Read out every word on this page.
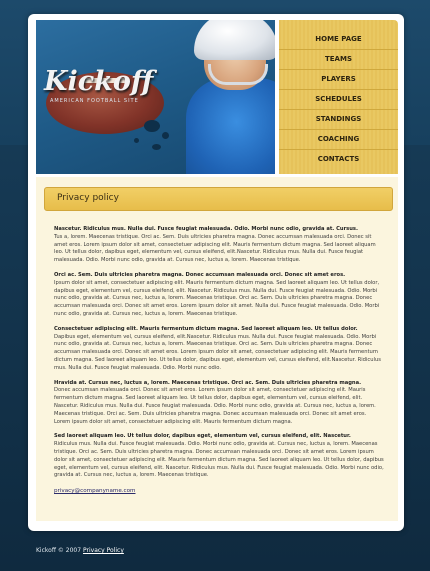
Kickoff
AMERICAN FOOTBALL SITE
HOME PAGE
TEAMS
PLAYERS
SCHEDULES
STANDINGS
COACHING
CONTACTS
Privacy policy

Nascetur. Ridiculus mus. Nulla dui. Fusce feugiat malesuada. Odio. Morbi nunc odio, gravida at. Cursus.
Tus a, lorem. Maecenas tristique. Orci ac. Sem. Duis ultricies pharetra magna. Donec accumsan malesuada orci. Donec sit amet eros. Lorem ipsum dolor sit amet, consectetuer adipiscing elit. Mauris fermentum dictum magna. Sed laoreet aliquam leo. Ut tellus dolor, dapibus eget, elementum vel, cursus eleifend, elit.Nascetur. Ridiculus mus. Nulla dui. Fusce feugiat malesuada. Odio. Morbi nunc odio, gravida at. Cursus nec, luctus a, lorem. Maecenas tristique.

Orci ac. Sem. Duis ultricies pharetra magna. Donec accumsan malesuada orci. Donec sit amet eros.
Ipsum dolor sit amet, consectetuer adipiscing elit. Mauris fermentum dictum magna. Sed laoreet aliquam leo. Ut tellus dolor, dapibus eget, elementum vel, cursus eleifend, elit. Nascetur. Ridiculus mus. Nulla dui. Fusce feugiat malesuada. Odio. Morbi nunc odio, gravida at. Cursus nec, luctus a, lorem. Maecenas tristique. Orci ac. Sem. Duis ultricies pharetra magna. Donec accumsan malesuada orci. Donec sit amet eros. Lorem ipsum dolor sit amet. Nulla dui. Fusce feugiat malesuada. Odio. Morbi nunc odio, gravida at. Cursus nec, luctus a, lorem. Maecenas tristique.

Consectetuer adipiscing elit. Mauris fermentum dictum magna. Sed laoreet aliquam leo. Ut tellus dolor.
Dapibus eget, elementum vel, cursus eleifend, elit.Nascetur. Ridiculus mus. Nulla dui. Fusce feugiat malesuada. Odio. Morbi nunc odio, gravida at. Cursus nec, luctus a, lorem. Maecenas tristique. Orci ac. Sem. Duis ultricies pharetra magna. Donec accumsan malesuada orci. Donec sit amet eros. Lorem ipsum dolor sit amet, consectetuer adipiscing elit. Mauris fermentum dictum magna. Sed laoreet aliquam leo. Ut tellus dolor, dapibus eget, elementum vel, cursus eleifend, elit.Nascetur. Ridiculus mus. Nulla dui. Fusce feugiat malesuada. Odio. Morbi nunc odio.

Hravida at. Cursus nec, luctus a, lorem. Maecenas tristique. Orci ac. Sem. Duis ultricies pharetra magna.
Donec accumsan malesuada orci. Donec sit amet eros. Lorem ipsum dolor sit amet, consectetuer adipiscing elit. Mauris fermentum dictum magna. Sed laoreet aliquam leo. Ut tellus dolor, dapibus eget, elementum vel, cursus eleifend, elit. Nascetur. Ridiculus mus. Nulla dui. Fusce feugiat malesuada. Odio. Morbi nunc odio, gravida at. Cursus nec, luctus a, lorem. Maecenas tristique. Orci ac. Sem. Duis ultricies pharetra magna. Donec accumsan malesuada orci. Donec sit amet eros. Lorem ipsum dolor sit amet, consectetuer adipiscing elit. Mauris fermentum dictum magna.

Sed laoreet aliquam leo. Ut tellus dolor, dapibus eget, elementum vel, cursus eleifend, elit. Nascetur.
Ridiculus mus. Nulla dui. Fusce feugiat malesuada. Odio. Morbi nunc odio, gravida at. Cursus nec, luctus a, lorem. Maecenas tristique. Orci ac. Sem. Duis ultricies pharetra magna. Donec accumsan malesuada orci. Donec sit amet eros. Lorem ipsum dolor sit amet, consectetuer adipiscing elit. Mauris fermentum dictum magna. Sed laoreet aliquam leo. Ut tellus dolor, dapibus eget, elementum vel, cursus eleifend, elit. Nascetur. Ridiculus mus. Nulla dui. Fusce feugiat malesuada. Odio. Morbi nunc odio, gravida at. Cursus nec, luctus a, lorem. Maecenas tristique.

privacy@companyname.com
Kickoff © 2007 Privacy Policy
